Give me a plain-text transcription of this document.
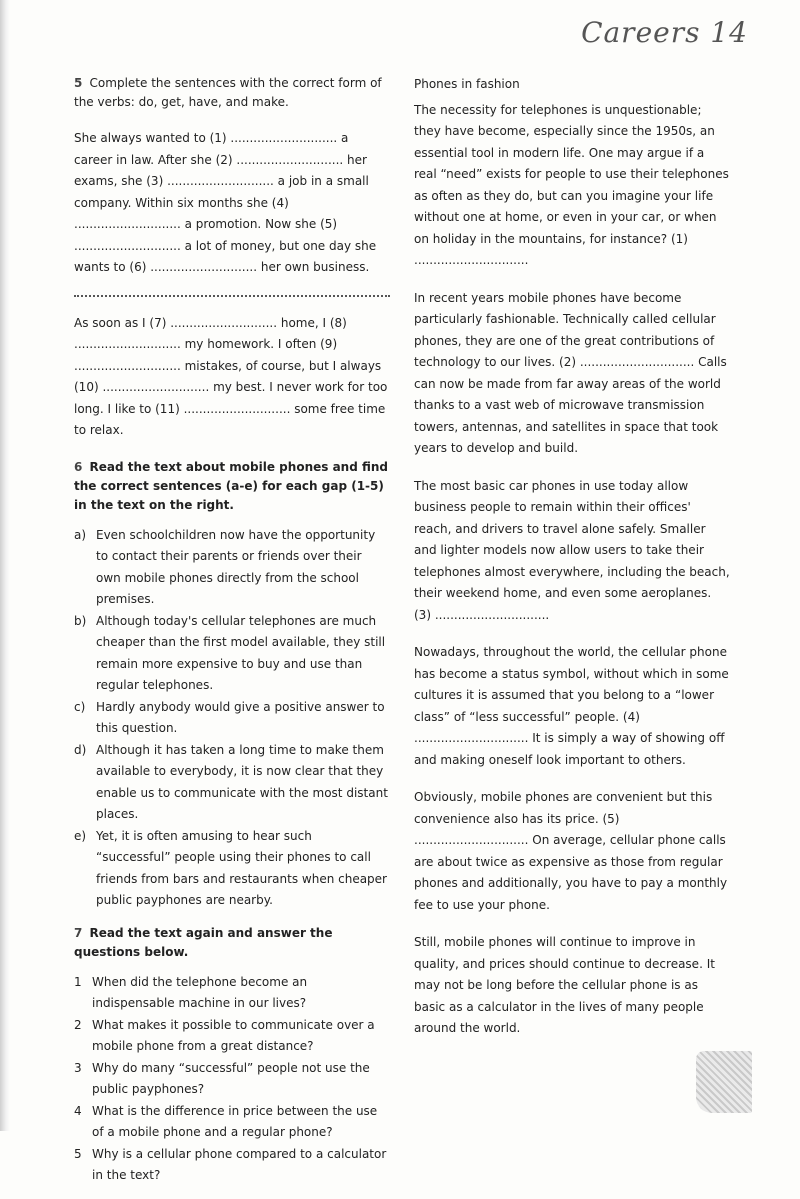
Careers 14

5 Complete the sentences with the correct form of the verbs: do, get, have, and make.

She always wanted to (1) ............................ a career in law. After she (2) ............................ her exams, she (3) ............................ a job in a small company. Within six months she (4) ............................ a promotion. Now she (5) ............................ a lot of money, but one day she wants to (6) ............................ her own business.

As soon as I (7) ............................ home, I (8) ............................ my homework. I often (9) ............................ mistakes, of course, but I always (10) ............................ my best. I never work for too long. I like to (11) ............................ some free time to relax.

6 Read the text about mobile phones and find the correct sentences (a-e) for each gap (1-5) in the text on the right.

a) Even schoolchildren now have the opportunity to contact their parents or friends over their own mobile phones directly from the school premises.
b) Although today's cellular telephones are much cheaper than the first model available, they still remain more expensive to buy and use than regular telephones.
c) Hardly anybody would give a positive answer to this question.
d) Although it has taken a long time to make them available to everybody, it is now clear that they enable us to communicate with the most distant places.
e) Yet, it is often amusing to hear such “successful” people using their phones to call friends from bars and restaurants when cheaper public payphones are nearby.

7 Read the text again and answer the questions below.

1 When did the telephone become an indispensable machine in our lives?
2 What makes it possible to communicate over a mobile phone from a great distance?
3 Why do many “successful” people not use the public payphones?
4 What is the difference in price between the use of a mobile phone and a regular phone?
5 Why is a cellular phone compared to a calculator in the text?

Phones in fashion

The necessity for telephones is unquestionable; they have become, especially since the 1950s, an essential tool in modern life. One may argue if a real “need” exists for people to use their telephones as often as they do, but can you imagine your life without one at home, or even in your car, or when on holiday in the mountains, for instance? (1) ..............................

In recent years mobile phones have become particularly fashionable. Technically called cellular phones, they are one of the great contributions of technology to our lives. (2) .............................. Calls can now be made from far away areas of the world thanks to a vast web of microwave transmission towers, antennas, and satellites in space that took years to develop and build.

The most basic car phones in use today allow business people to remain within their offices' reach, and drivers to travel alone safely. Smaller and lighter models now allow users to take their telephones almost everywhere, including the beach, their weekend home, and even some aeroplanes. (3) ..............................

Nowadays, throughout the world, the cellular phone has become a status symbol, without which in some cultures it is assumed that you belong to a “lower class” of “less successful” people. (4) .............................. It is simply a way of showing off and making oneself look important to others.

Obviously, mobile phones are convenient but this convenience also has its price. (5) .............................. On average, cellular phone calls are about twice as expensive as those from regular phones and additionally, you have to pay a monthly fee to use your phone.

Still, mobile phones will continue to improve in quality, and prices should continue to decrease. It may not be long before the cellular phone is as basic as a calculator in the lives of many people around the world.
